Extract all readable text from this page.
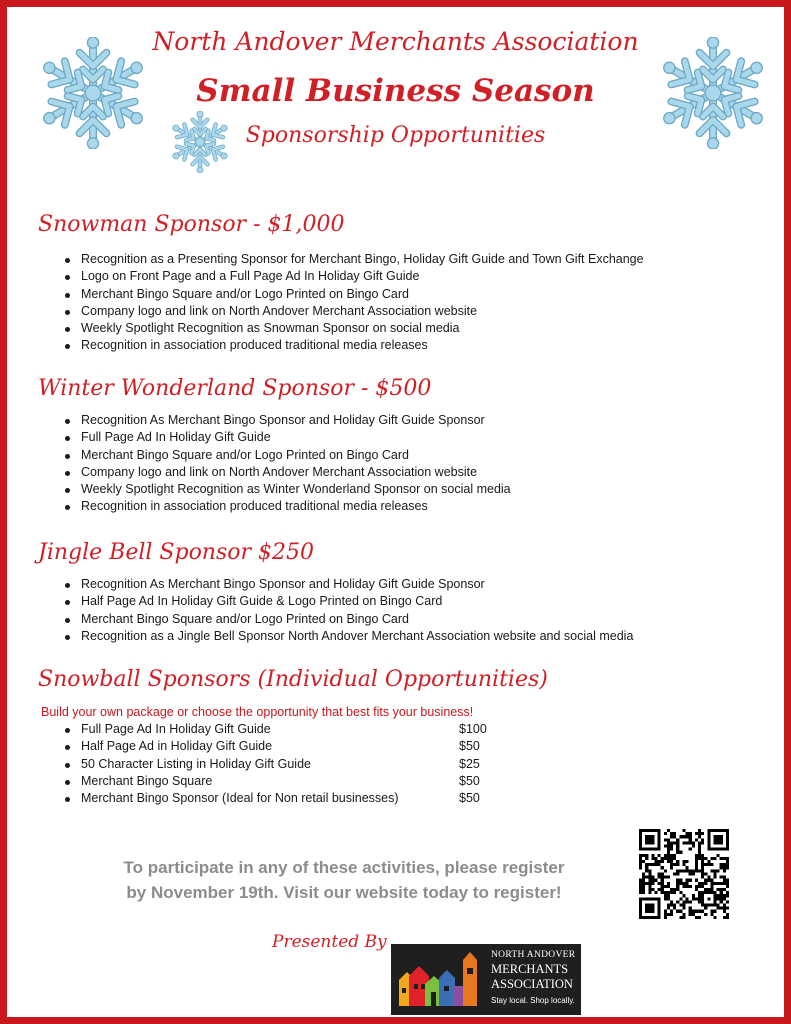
North Andover Merchants Association
Small Business Season
Sponsorship Opportunities
Snowman Sponsor - $1,000
Recognition as a Presenting Sponsor for Merchant Bingo, Holiday Gift Guide and Town Gift Exchange
Logo on Front Page and a Full Page Ad In Holiday Gift Guide
Merchant Bingo Square and/or Logo Printed on Bingo Card
Company logo and link on North Andover Merchant Association website
Weekly Spotlight Recognition as Snowman Sponsor on social media
Recognition in association produced traditional media releases
Winter Wonderland Sponsor - $500
Recognition As Merchant Bingo Sponsor and Holiday Gift Guide Sponsor
Full Page Ad In Holiday Gift Guide
Merchant Bingo Square and/or Logo Printed on Bingo Card
Company logo and link on North Andover Merchant Association website
Weekly Spotlight Recognition as Winter Wonderland Sponsor on social media
Recognition in association produced traditional media releases
Jingle Bell Sponsor $250
Recognition As Merchant Bingo Sponsor and Holiday Gift Guide Sponsor
Half Page Ad In Holiday Gift Guide & Logo Printed on Bingo Card
Merchant Bingo Square and/or Logo Printed on Bingo Card
Recognition as a Jingle Bell Sponsor North Andover Merchant Association website and social media
Snowball Sponsors (Individual Opportunities)
Build your own package or choose the opportunity that best fits your business!
Full Page Ad In Holiday Gift Guide	$100
Half Page Ad in Holiday Gift Guide	$50
50 Character Listing in Holiday Gift Guide	$25
Merchant Bingo Square	$50
Merchant Bingo Sponsor (Ideal for Non retail businesses)	$50
To participate in any of these activities, please register
by November 19th. Visit our website today to register!
Presented By
NORTH ANDOVER
MERCHANTS
ASSOCIATION
Stay local. Shop locally.
